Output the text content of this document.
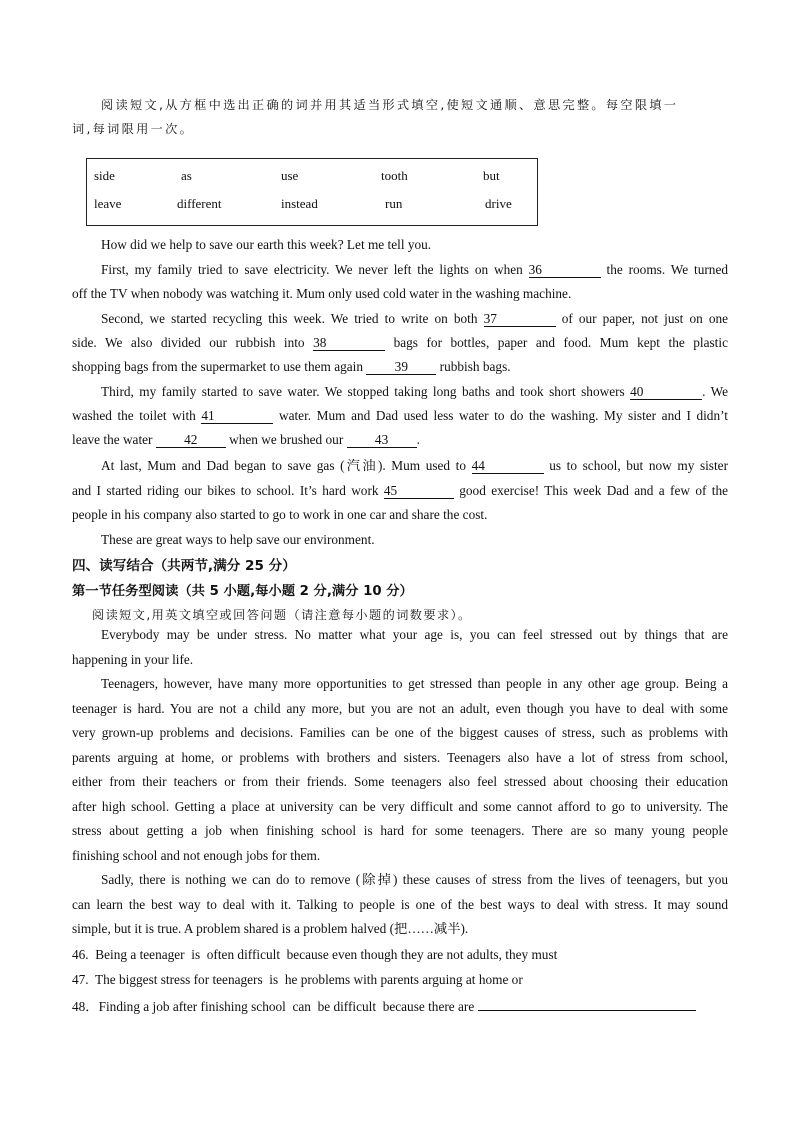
阅读短文,从方框中选出正确的词并用其适当形式填空,使短文通顺、意思完整。每空限填一
词,每词限用一次。
side	as	use	tooth	but
leave	different	instead	run	drive
How did we help to save our earth this week? Let me tell you.
First, my family tried to save electricity. We never left the lights on when 36	the rooms. We turned
off the TV when nobody was watching it. Mum only used cold water in the washing machine.
Second, we started recycling this week. We tried to write on both 37	of our paper, not just on one
side. We also divided our rubbish into 38	bags for bottles, paper and food. Mum kept the plastic
shopping bags from the supermarket to use them again 39 rubbish bags.
Third, my family started to save water. We stopped taking long baths and took short showers 40	. We
washed the toilet with 41	water. Mum and Dad used less water to do the washing. My sister and I didn’t
leave the water 42 when we brushed our 43 .
At last, Mum and Dad began to save gas (汽油). Mum used to 44	us to school, but now my sister
and I started riding our bikes to school. It’s hard work 45	good exercise! This week Dad and a few of the
people in his company also started to go to work in one car and share the cost.
These are great ways to help save our environment.
四、读写结合（共两节,满分 25 分）
第一节任务型阅读（共 5 小题,每小题 2 分,满分 10 分）
阅读短文,用英文填空或回答问题（请注意每小题的词数要求）。
Everybody may be under stress. No matter what your age is, you can feel stressed out by things that are
happening in your life.
Teenagers, however, have many more opportunities to get stressed than people in any other age group. Being a
teenager is hard. You are not a child any more, but you are not an adult, even though you have to deal with some
very grown-up problems and decisions. Families can be one of the biggest causes of stress, such as problems with
parents arguing at home, or problems with brothers and sisters. Teenagers also have a lot of stress from school,
either from their teachers or from their friends. Some teenagers also feel stressed about choosing their education
after high school. Getting a place at university can be very difficult and some cannot afford to go to university. The
stress about getting a job when finishing school is hard for some teenagers. There are so many young people
finishing school and not enough jobs for them.
Sadly, there is nothing we can do to remove (除掉) these causes of stress from the lives of teenagers, but you
can learn the best way to deal with it. Talking to people is one of the best ways to deal with stress. It may sound
simple, but it is true. A problem shared is a problem halved (把……减半).
46.  Being a teenager  is  often difficult  because even though they are not adults, they must
47.  The biggest stress for teenagers  is  he problems with parents arguing at home or
48．Finding a job after finishing school  can  be difficult  because there are
